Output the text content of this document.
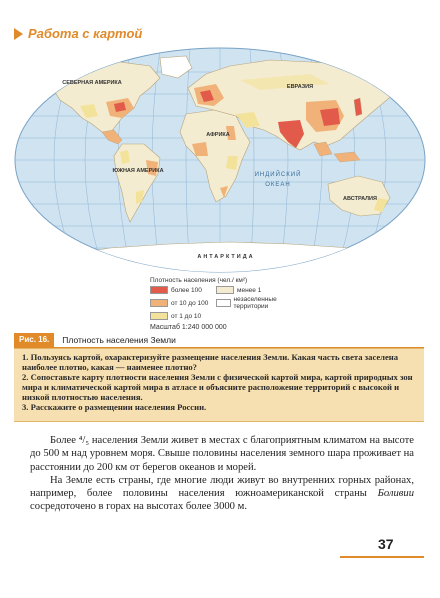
Работа с картой
СЕВЕРНАЯ АМЕРИКА
ЮЖНАЯ АМЕРИКА
АФРИКА
ЕВРАЗИЯ
АВСТРАЛИЯ
АНТАРКТИДА
ИНДИЙСКИЙ
ОКЕАН
Плотность населения (чел./ км²)
более 100	менее 1
от 10 до 100	незаселенные территории
от 1 до 10
Масштаб 1:240 000 000
Рис. 16.	Плотность населения Земли

1. Пользуясь картой, охарактеризуйте размещение населения Земли. Какая часть света заселена наиболее плотно, какая — наименее плотно?

2. Сопоставьте карту плотности населения Земли с физической картой мира, картой природных зон мира и климатической картой мира в атласе и объясните расположение территорий с высокой и низкой плотностью населения.

3. Расскажите о размещении населения России.

Более ⁴/₅ населения Земли живет в местах с благоприятным климатом на высоте до 500 м над уровнем моря. Свыше половины населения земного шара проживает на расстоянии до 200 км от берегов океанов и морей.

На Земле есть страны, где многие люди живут во внутренних горных районах, например, более половины населения южноамериканской страны Боливии сосредоточено в горах на высотах более 3000 м.

37
